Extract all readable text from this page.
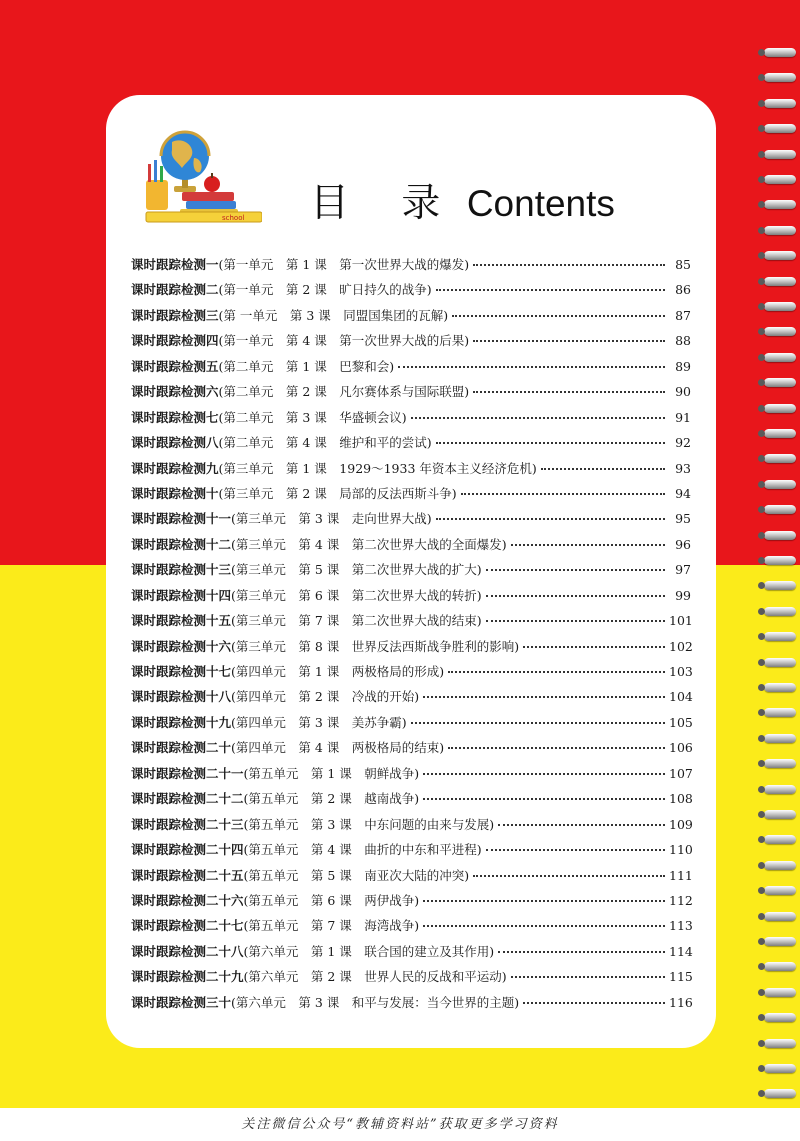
school 目 录 Contents
课时跟踪检测一 (第一单元　第 1 课　第一次世界大战的爆发)	85
课时跟踪检测二 (第一单元　第 2 课　旷日持久的战争)	86
课时跟踪检测三 (第 一单元　第 3 课　同盟国集团的瓦解)	87
课时跟踪检测四 (第一单元　第 4 课　第一次世界大战的后果)	88
课时跟踪检测五 (第二单元　第 1 课　巴黎和会)	89
课时跟踪检测六 (第二单元　第 2 课　凡尔赛体系与国际联盟)	90
课时跟踪检测七 (第二单元　第 3 课　华盛顿会议)	91
课时跟踪检测八 (第二单元　第 4 课　维护和平的尝试)	92
课时跟踪检测九 (第三单元　第 1 课　1929～1933 年资本主义经济危机)	93
课时跟踪检测十 (第三单元　第 2 课　局部的反法西斯斗争)	94
课时跟踪检测十一 (第三单元　第 3 课　走向世界大战)	95
课时跟踪检测十二 (第三单元　第 4 课　第二次世界大战的全面爆发)	96
课时跟踪检测十三 (第三单元　第 5 课　第二次世界大战的扩大)	97
课时跟踪检测十四 (第三单元　第 6 课　第二次世界大战的转折)	99
课时跟踪检测十五 (第三单元　第 7 课　第二次世界大战的结束)	101
课时跟踪检测十六 (第三单元　第 8 课　世界反法西斯战争胜利的影响)	102
课时跟踪检测十七 (第四单元　第 1 课　两极格局的形成)	103
课时跟踪检测十八 (第四单元　第 2 课　冷战的开始)	104
课时跟踪检测十九 (第四单元　第 3 课　美苏争霸)	105
课时跟踪检测二十 (第四单元　第 4 课　两极格局的结束)	106
课时跟踪检测二十一 (第五单元　第 1 课　朝鲜战争)	107
课时跟踪检测二十二 (第五单元　第 2 课　越南战争)	108
课时跟踪检测二十三 (第五单元　第 3 课　中东问题的由来与发展)	109
课时跟踪检测二十四 (第五单元　第 4 课　曲折的中东和平进程)	110
课时跟踪检测二十五 (第五单元　第 5 课　南亚次大陆的冲突)	111
课时跟踪检测二十六 (第五单元　第 6 课　两伊战争)	112
课时跟踪检测二十七 (第五单元　第 7 课　海湾战争)	113
课时跟踪检测二十八 (第六单元　第 1 课　联合国的建立及其作用)	114
课时跟踪检测二十九 (第六单元　第 2 课　世界人民的反战和平运动)	115
课时跟踪检测三十 (第六单元　第 3 课　和平与发展：当今世界的主题)	116
关注微信公众号“教辅资料站”获取更多学习资料
